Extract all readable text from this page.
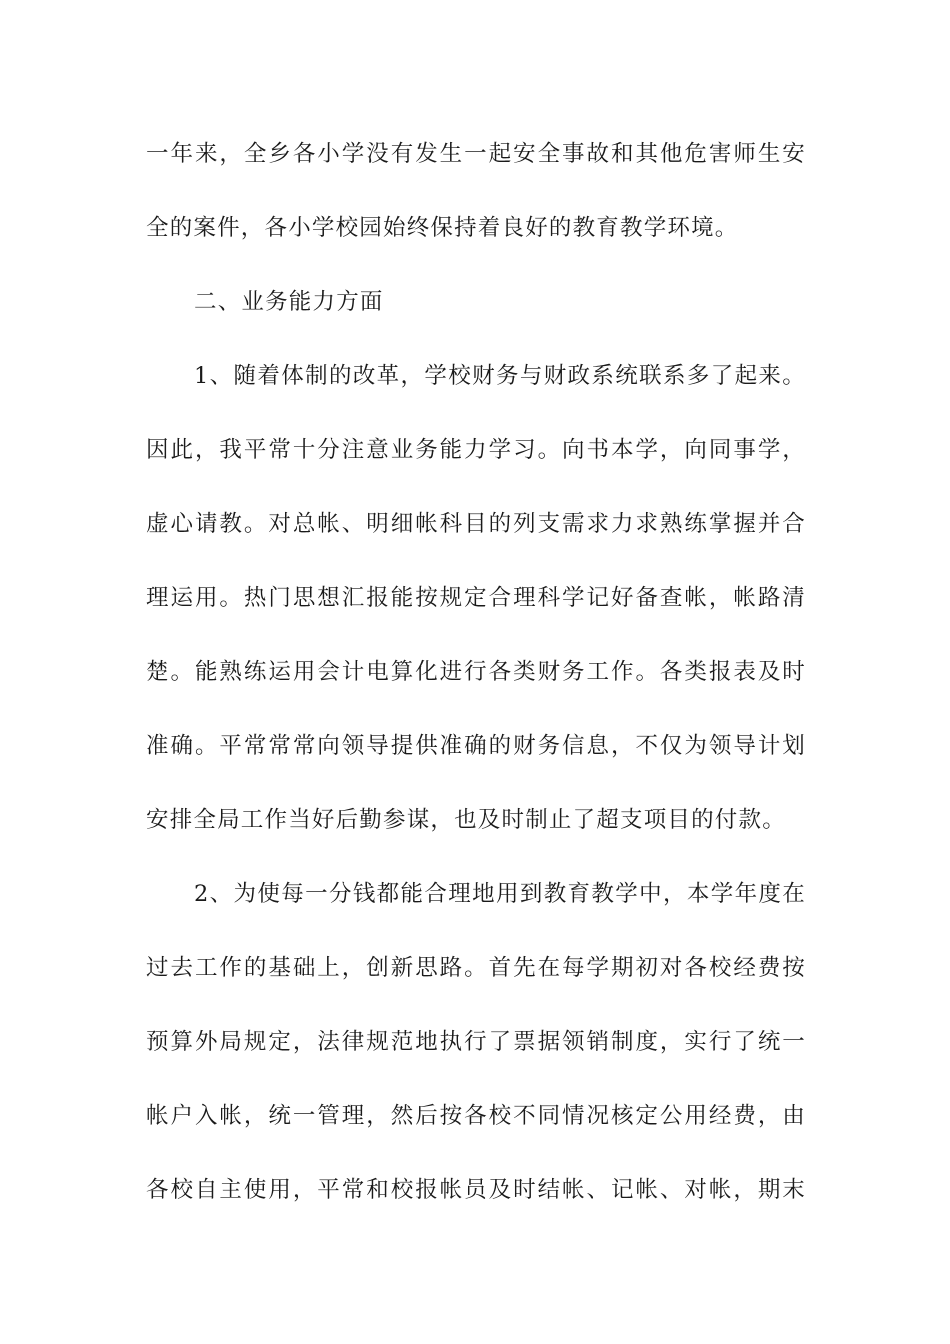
一年来，全乡各小学没有发生一起安全事故和其他危害师生安
全的案件，各小学校园始终保持着良好的教育教学环境。
二、业务能力方面
1、随着体制的改革，学校财务与财政系统联系多了起来。
因此，我平常十分注意业务能力学习。向书本学，向同事学，
虚心请教。对总帐、明细帐科目的列支需求力求熟练掌握并合
理运用。热门思想汇报能按规定合理科学记好备查帐，帐路清
楚。能熟练运用会计电算化进行各类财务工作。各类报表及时
准确。平常常常向领导提供准确的财务信息，不仅为领导计划
安排全局工作当好后勤参谋，也及时制止了超支项目的付款。
2、为使每一分钱都能合理地用到教育教学中，本学年度在
过去工作的基础上，创新思路。首先在每学期初对各校经费按
预算外局规定，法律规范地执行了票据领销制度，实行了统一
帐户入帐，统一管理，然后按各校不同情况核定公用经费，由
各校自主使用，平常和校报帐员及时结帐、记帐、对帐，期末
